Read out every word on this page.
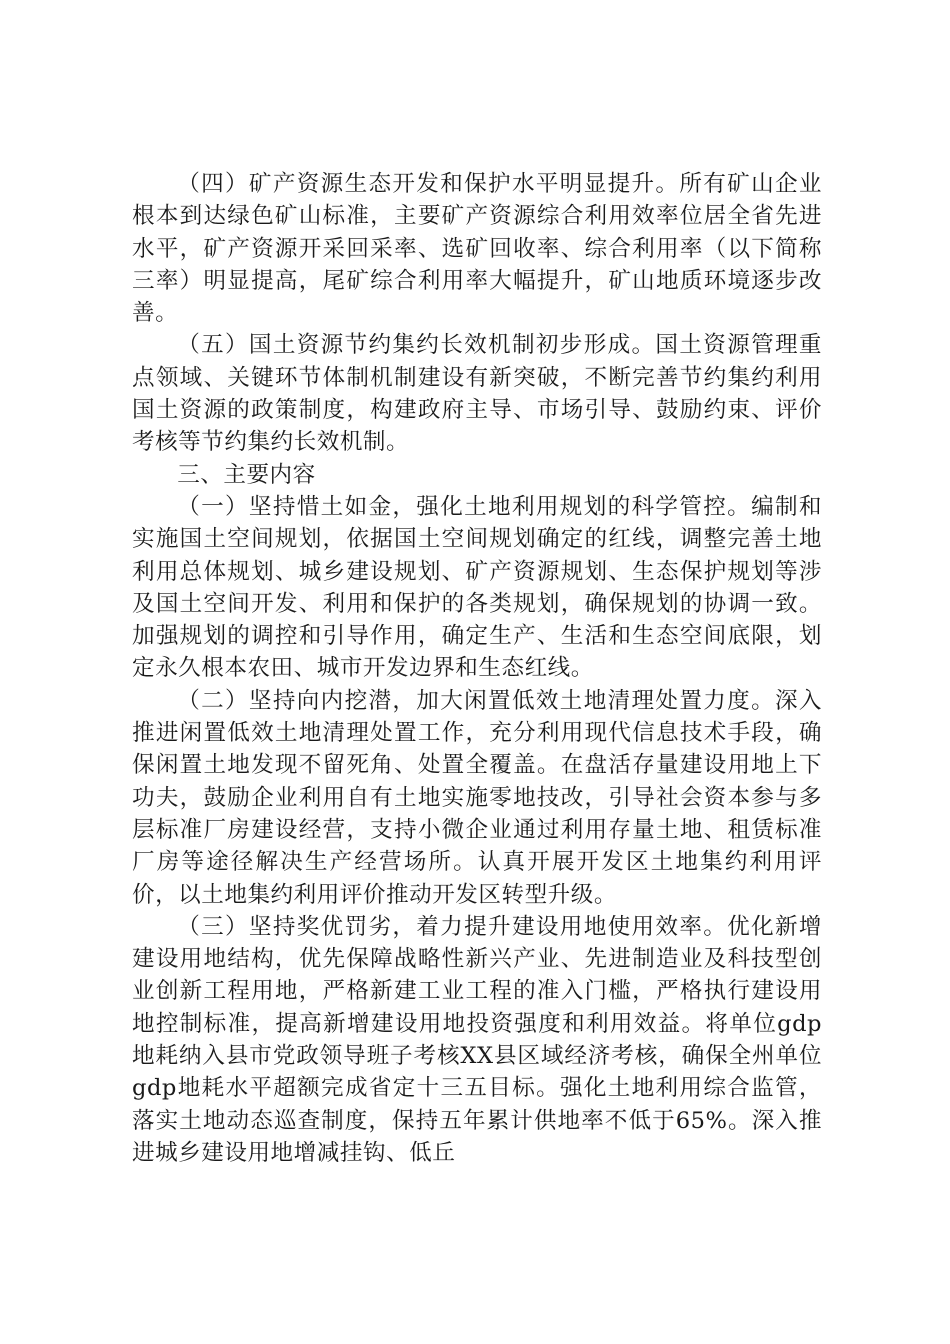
（四）矿产资源生态开发和保护水平明显提升。所有矿山企业根本到达绿色矿山标准，主要矿产资源综合利用效率位居全省先进水平，矿产资源开采回采率、选矿回收率、综合利用率（以下简称三率）明显提高，尾矿综合利用率大幅提升，矿山地质环境逐步改善。

（五）国土资源节约集约长效机制初步形成。国土资源管理重点领域、关键环节体制机制建设有新突破，不断完善节约集约利用国土资源的政策制度，构建政府主导、市场引导、鼓励约束、评价考核等节约集约长效机制。

三、主要内容

（一）坚持惜土如金，强化土地利用规划的科学管控。编制和实施国土空间规划，依据国土空间规划确定的红线，调整完善土地利用总体规划、城乡建设规划、矿产资源规划、生态保护规划等涉及国土空间开发、利用和保护的各类规划，确保规划的协调一致。加强规划的调控和引导作用，确定生产、生活和生态空间底限，划定永久根本农田、城市开发边界和生态红线。

（二）坚持向内挖潜，加大闲置低效土地清理处置力度。深入推进闲置低效土地清理处置工作，充分利用现代信息技术手段，确保闲置土地发现不留死角、处置全覆盖。在盘活存量建设用地上下功夫，鼓励企业利用自有土地实施零地技改，引导社会资本参与多层标准厂房建设经营，支持小微企业通过利用存量土地、租赁标准厂房等途径解决生产经营场所。认真开展开发区土地集约利用评价，以土地集约利用评价推动开发区转型升级。

（三）坚持奖优罚劣，着力提升建设用地使用效率。优化新增建设用地结构，优先保障战略性新兴产业、先进制造业及科技型创业创新工程用地，严格新建工业工程的准入门槛，严格执行建设用地控制标准，提高新增建设用地投资强度和利用效益。将单位gdp地耗纳入县市党政领导班子考核XX县区域经济考核，确保全州单位gdp地耗水平超额完成省定十三五目标。强化土地利用综合监管，落实土地动态巡查制度，保持五年累计供地率不低于65%。深入推进城乡建设用地增减挂钩、低丘
